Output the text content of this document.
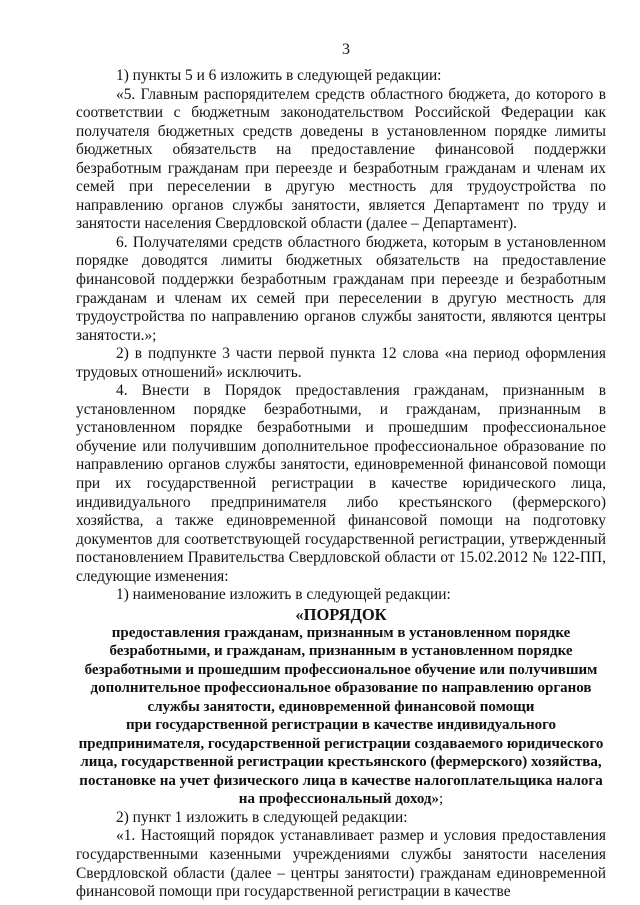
3

1) пункты 5 и 6 изложить в следующей редакции:

«5. Главным распорядителем средств областного бюджета, до которого в соответствии с бюджетным законодательством Российской Федерации как получателя бюджетных средств доведены в установленном порядке лимиты бюджетных обязательств на предоставление финансовой поддержки безработным гражданам при переезде и безработным гражданам и членам их семей при переселении в другую местность для трудоустройства по направлению органов службы занятости, является Департамент по труду и занятости населения Свердловской области (далее – Департамент).

6. Получателями средств областного бюджета, которым в установленном порядке доводятся лимиты бюджетных обязательств на предоставление финансовой поддержки безработным гражданам при переезде и безработным гражданам и членам их семей при переселении в другую местность для трудоустройства по направлению органов службы занятости, являются центры занятости.»;

2) в подпункте 3 части первой пункта 12 слова «на период оформления трудовых отношений» исключить.

4. Внести в Порядок предоставления гражданам, признанным в установленном порядке безработными, и гражданам, признанным в установленном порядке безработными и прошедшим профессиональное обучение или получившим дополнительное профессиональное образование по направлению органов службы занятости, единовременной финансовой помощи при их государственной регистрации в качестве юридического лица, индивидуального предпринимателя либо крестьянского (фермерского) хозяйства, а также единовременной финансовой помощи на подготовку документов для соответствующей государственной регистрации, утвержденный постановлением Правительства Свердловской области от 15.02.2012 № 122-ПП, следующие изменения:

1) наименование изложить в следующей редакции:

«ПОРЯДОК

предоставления гражданам, признанным в установленном порядке

безработными, и гражданам, признанным в установленном порядке

безработными и прошедшим профессиональное обучение или получившим

дополнительное профессиональное образование по направлению органов

службы занятости, единовременной финансовой помощи

при государственной регистрации в качестве индивидуального

предпринимателя, государственной регистрации создаваемого юридического

лица, государственной регистрации крестьянского (фермерского) хозяйства,

постановке на учет физического лица в качестве налогоплательщика налога

на профессиональный доход»;

2) пункт 1 изложить в следующей редакции:

«1. Настоящий порядок устанавливает размер и условия предоставления государственными казенными учреждениями службы занятости населения Свердловской области (далее – центры занятости) гражданам единовременной финансовой помощи при государственной регистрации в качестве
